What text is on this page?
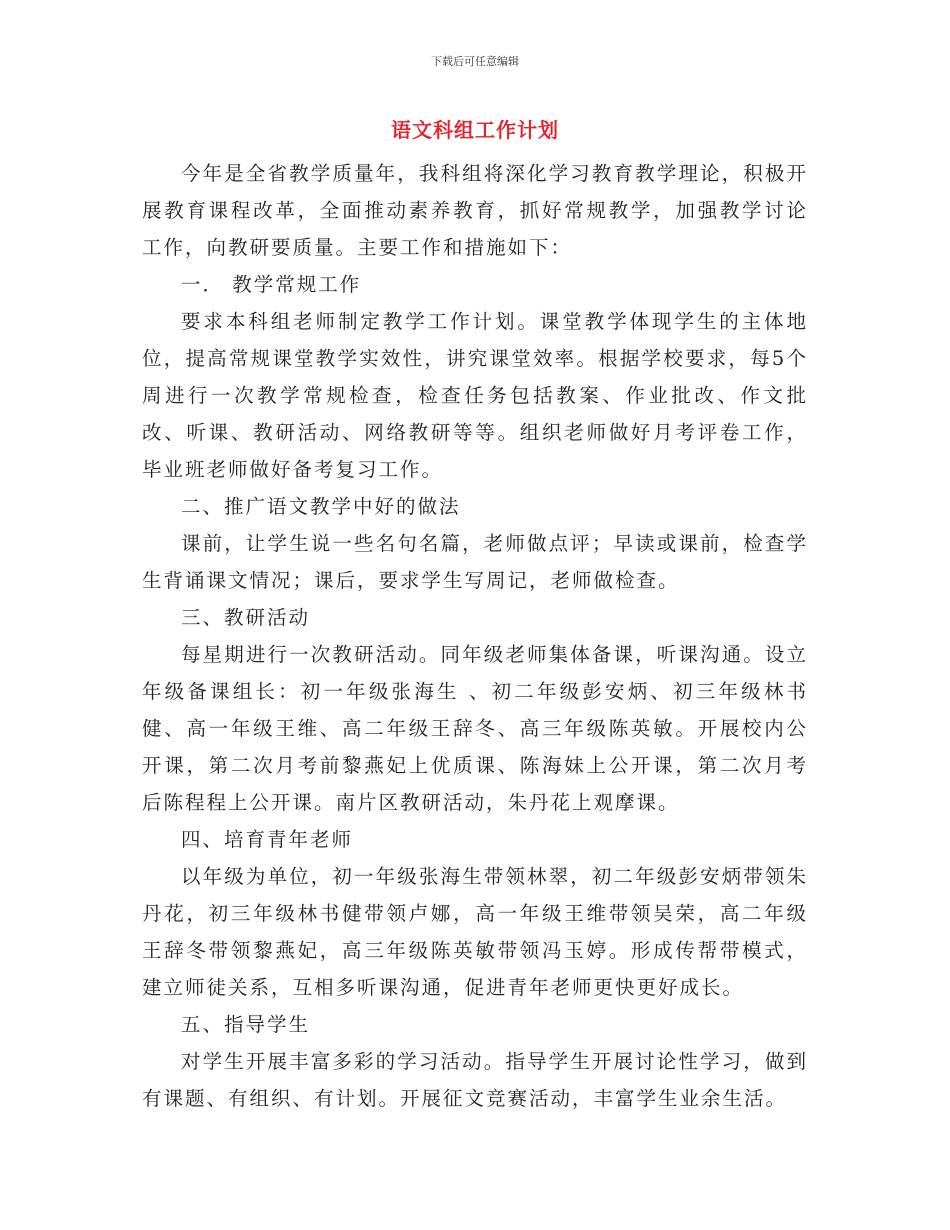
下载后可任意编辑
语文科组工作计划

今年是全省教学质量年，我科组将深化学习教育教学理论，积极开展教育课程改革，全面推动素养教育，抓好常规教学，加强教学讨论工作，向教研要质量。主要工作和措施如下：

一． 教学常规工作

要求本科组老师制定教学工作计划。课堂教学体现学生的主体地位，提高常规课堂教学实效性，讲究课堂效率。根据学校要求，每5个周进行一次教学常规检查，检查任务包括教案、作业批改、作文批改、听课、教研活动、网络教研等等。组织老师做好月考评卷工作，毕业班老师做好备考复习工作。

二、推广语文教学中好的做法

课前，让学生说一些名句名篇，老师做点评；早读或课前，检查学生背诵课文情况；课后，要求学生写周记，老师做检查。

三、教研活动

每星期进行一次教研活动。同年级老师集体备课，听课沟通。设立年级备课组长：初一年级张海生 、初二年级彭安炳、初三年级林书健、高一年级王维、高二年级王辞冬、高三年级陈英敏。开展校内公开课，第二次月考前黎燕妃上优质课、陈海妹上公开课，第二次月考后陈程程上公开课。南片区教研活动，朱丹花上观摩课。

四、培育青年老师

以年级为单位，初一年级张海生带领林翠，初二年级彭安炳带领朱丹花，初三年级林书健带领卢娜，高一年级王维带领吴荣，高二年级王辞冬带领黎燕妃，高三年级陈英敏带领冯玉婷。形成传帮带模式，建立师徒关系，互相多听课沟通，促进青年老师更快更好成长。

五、指导学生

对学生开展丰富多彩的学习活动。指导学生开展讨论性学习，做到有课题、有组织、有计划。开展征文竞赛活动，丰富学生业余生活。
